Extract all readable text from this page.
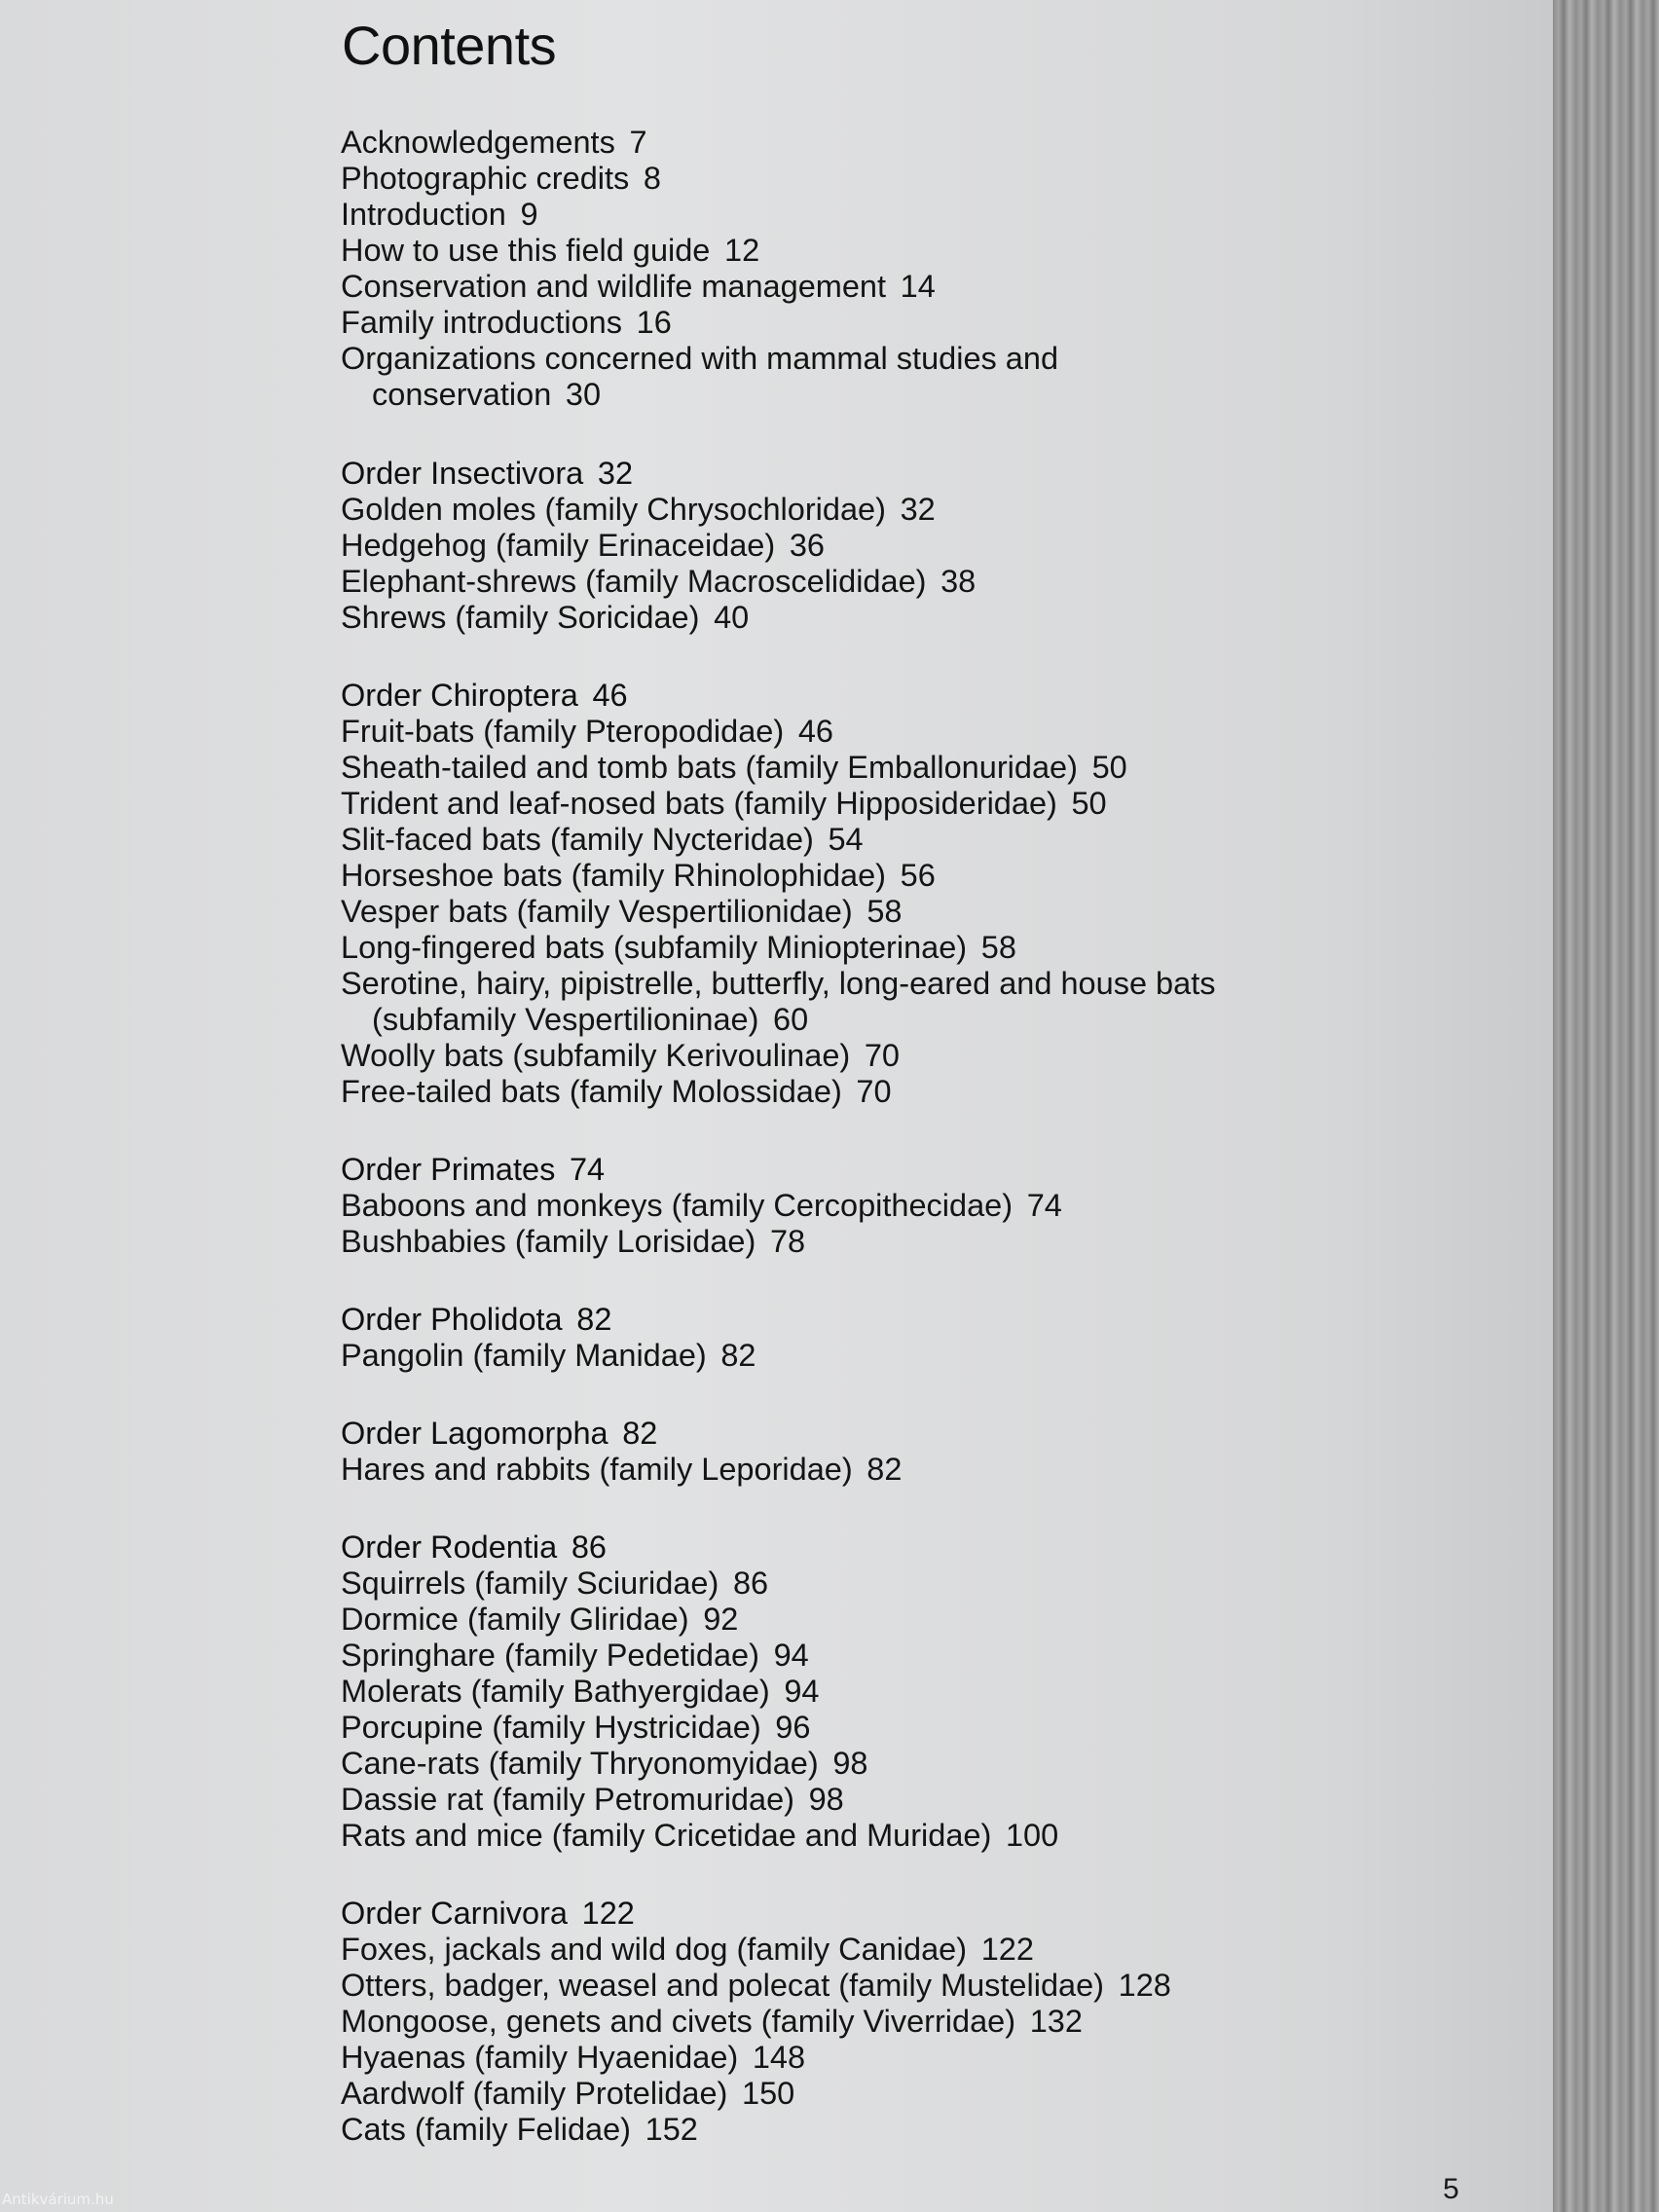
Contents
Acknowledgements 7
Photographic credits 8
Introduction 9
How to use this field guide 12
Conservation and wildlife management 14
Family introductions 16
Organizations concerned with mammal studies and
conservation 30
Order Insectivora 32
Golden moles (family Chrysochloridae) 32
Hedgehog (family Erinaceidae) 36
Elephant-shrews (family Macroscelididae) 38
Shrews (family Soricidae) 40
Order Chiroptera 46
Fruit-bats (family Pteropodidae) 46
Sheath-tailed and tomb bats (family Emballonuridae) 50
Trident and leaf-nosed bats (family Hipposideridae) 50
Slit-faced bats (family Nycteridae) 54
Horseshoe bats (family Rhinolophidae) 56
Vesper bats (family Vespertilionidae) 58
Long-fingered bats (subfamily Miniopterinae) 58
Serotine, hairy, pipistrelle, butterfly, long-eared and house bats
(subfamily Vespertilioninae) 60
Woolly bats (subfamily Kerivoulinae) 70
Free-tailed bats (family Molossidae) 70
Order Primates 74
Baboons and monkeys (family Cercopithecidae) 74
Bushbabies (family Lorisidae) 78
Order Pholidota 82
Pangolin (family Manidae) 82
Order Lagomorpha 82
Hares and rabbits (family Leporidae) 82
Order Rodentia 86
Squirrels (family Sciuridae) 86
Dormice (family Gliridae) 92
Springhare (family Pedetidae) 94
Molerats (family Bathyergidae) 94
Porcupine (family Hystricidae) 96
Cane-rats (family Thryonomyidae) 98
Dassie rat (family Petromuridae) 98
Rats and mice (family Cricetidae and Muridae) 100
Order Carnivora 122
Foxes, jackals and wild dog (family Canidae) 122
Otters, badger, weasel and polecat (family Mustelidae) 128
Mongoose, genets and civets (family Viverridae) 132
Hyaenas (family Hyaenidae) 148
Aardwolf (family Protelidae) 150
Cats (family Felidae) 152
5
Antikvárium.hu
